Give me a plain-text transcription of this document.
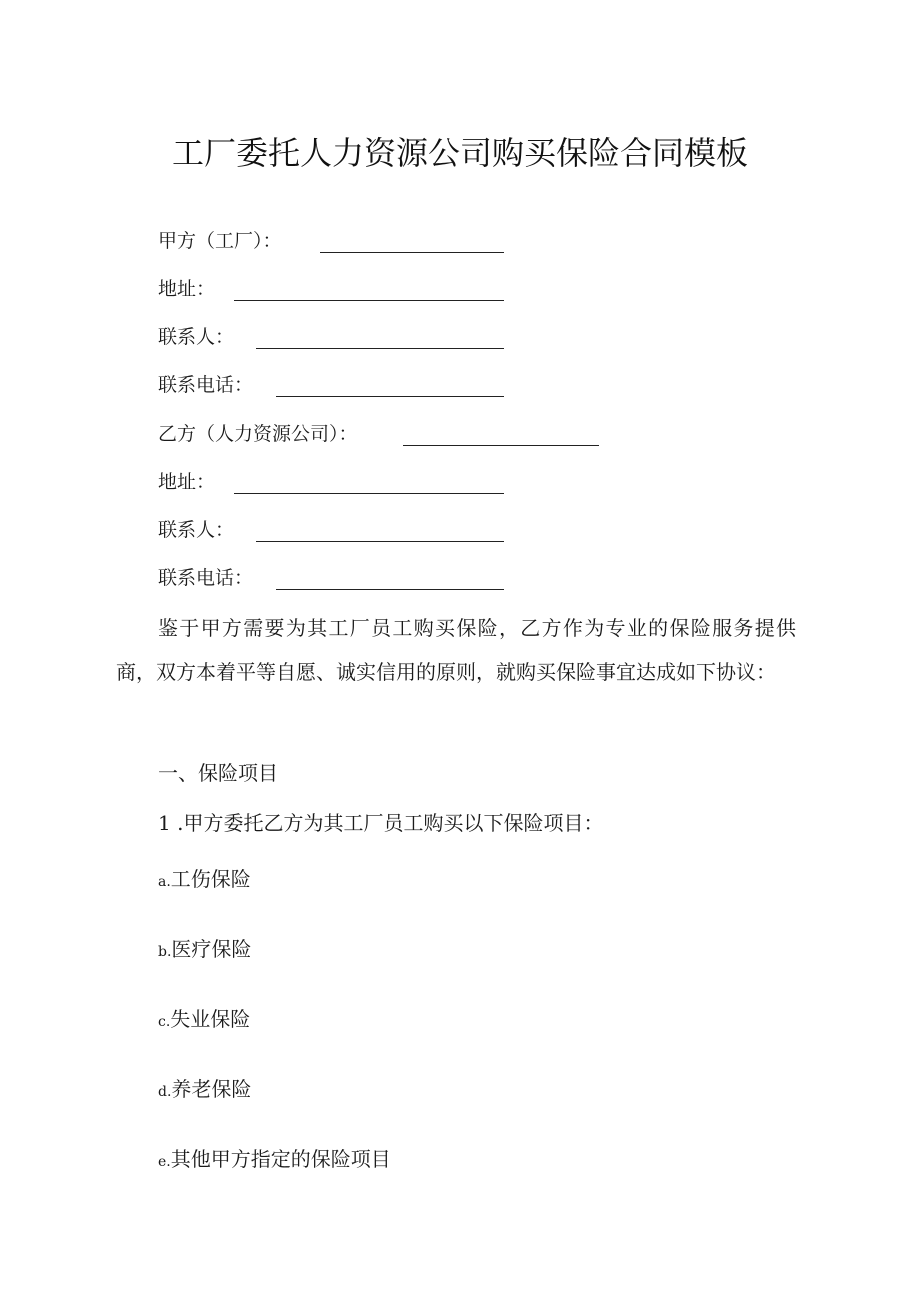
工厂委托人力资源公司购买保险合同模板
甲方（工厂）：
地址：
联系人：
联系电话：
乙方（人力资源公司）：
地址：
联系人：
联系电话：
鉴于甲方需要为其工厂员工购买保险，乙方作为专业的保险服务提供商，双方本着平等自愿、诚实信用的原则，就购买保险事宜达成如下协议：
一、保险项目
1 .甲方委托乙方为其工厂员工购买以下保险项目：
a.工伤保险
b.医疗保险
c.失业保险
d.养老保险
e.其他甲方指定的保险项目
